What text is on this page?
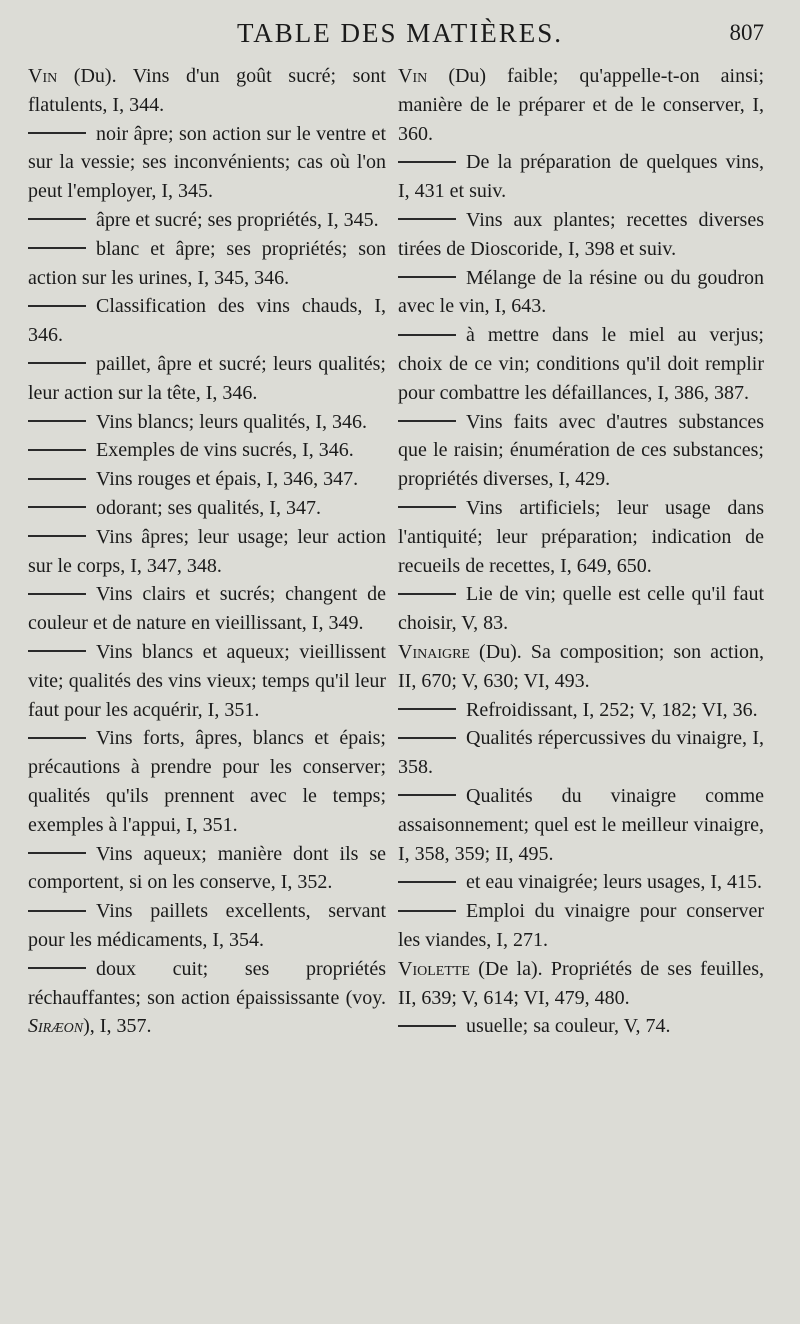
TABLE DES MATIÈRES.	807
Vin (Du). Vins d'un goût sucré; sont flatulents, I, 344.
noir âpre; son action sur le ventre et sur la vessie; ses inconvénients; cas où l'on peut l'employer, I, 345.
âpre et sucré; ses propriétés, I, 345.
blanc et âpre; ses propriétés; son action sur les urines, I, 345, 346.
Classification des vins chauds, I, 346.
paillet, âpre et sucré; leurs qualités; leur action sur la tête, I, 346.
Vins blancs; leurs qualités, I, 346.
Exemples de vins sucrés, I, 346.
Vins rouges et épais, I, 346, 347.
odorant; ses qualités, I, 347.
Vins âpres; leur usage; leur action sur le corps, I, 347, 348.
Vins clairs et sucrés; changent de couleur et de nature en vieillissant, I, 349.
Vins blancs et aqueux; vieillissent vite; qualités des vins vieux; temps qu'il leur faut pour les acquérir, I, 351.
Vins forts, âpres, blancs et épais; précautions à prendre pour les conserver; qualités qu'ils prennent avec le temps; exemples à l'appui, I, 351.
Vins aqueux; manière dont ils se comportent, si on les conserve, I, 352.
Vins paillets excellents, servant pour les médicaments, I, 354.
doux cuit; ses propriétés réchauffantes; son action épaississante (voy. Siræon), I, 357.
Vin (Du) faible; qu'appelle-t-on ainsi; manière de le préparer et de le conserver, I, 360.
De la préparation de quelques vins, I, 431 et suiv.
Vins aux plantes; recettes diverses tirées de Dioscoride, I, 398 et suiv.
Mélange de la résine ou du goudron avec le vin, I, 643.
à mettre dans le miel au verjus; choix de ce vin; conditions qu'il doit remplir pour combattre les défaillances, I, 386, 387.
Vins faits avec d'autres substances que le raisin; énumération de ces substances; propriétés diverses, I, 429.
Vins artificiels; leur usage dans l'antiquité; leur préparation; indication de recueils de recettes, I, 649, 650.
Lie de vin; quelle est celle qu'il faut choisir, V, 83.
Vinaigre (Du). Sa composition; son action, II, 670; V, 630; VI, 493.
Refroidissant, I, 252; V, 182; VI, 36.
Qualités répercussives du vinaigre, I, 358.
Qualités du vinaigre comme assaisonnement; quel est le meilleur vinaigre, I, 358, 359; II, 495.
et eau vinaigrée; leurs usages, I, 415.
Emploi du vinaigre pour conserver les viandes, I, 271.
Violette (De la). Propriétés de ses feuilles, II, 639; V, 614; VI, 479, 480.
usuelle; sa couleur, V, 74.
